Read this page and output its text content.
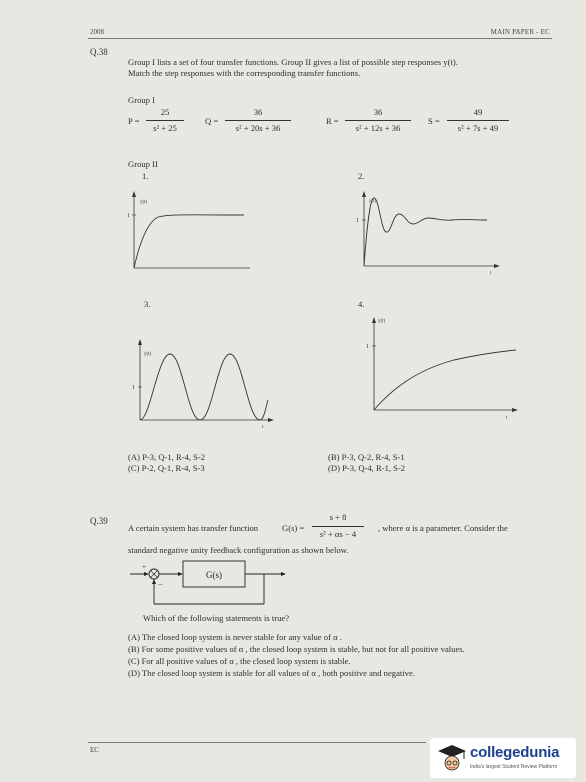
2008	MAIN PAPER - EC
Q.38
Group I lists a set of four transfer functions. Group II gives a list of possible step responses y(t).
Match the step responses with the corresponding transfer functions.
Group I
P =
25
s² + 25
Q =
36
s² + 20s + 36
R =
36
s² + 12s + 36
S =
49
s² + 7s + 49
Group II
1.	2.
3.	4.
y(t)
1
t
y(t)
1
t
y(t)
1
t
y(t)
1
(A) P-3, Q-1, R-4, S-2	(B) P-3, Q-2, R-4, S-1
(C) P-2, Q-1, R-4, S-3	(D) P-3, Q-4, R-1, S-2
Q.39
A certain system has transfer function	G(s) =
s + 8
s² + αs − 4
, where α is a parameter. Consider the
standard negative unity feedback configuration as shown below.
+
−
G(s)
Which of the following statements is true?
(A) The closed loop system is never stable for any value of α .
(B) For some positive values of α , the closed loop system is stable, but not for all positive values.
(C) For all positive values of α , the closed loop system is stable.
(D) The closed loop system is stable for all values of α , both positive and negative.
EC	collegedunia
India's largest Student Review Platform
